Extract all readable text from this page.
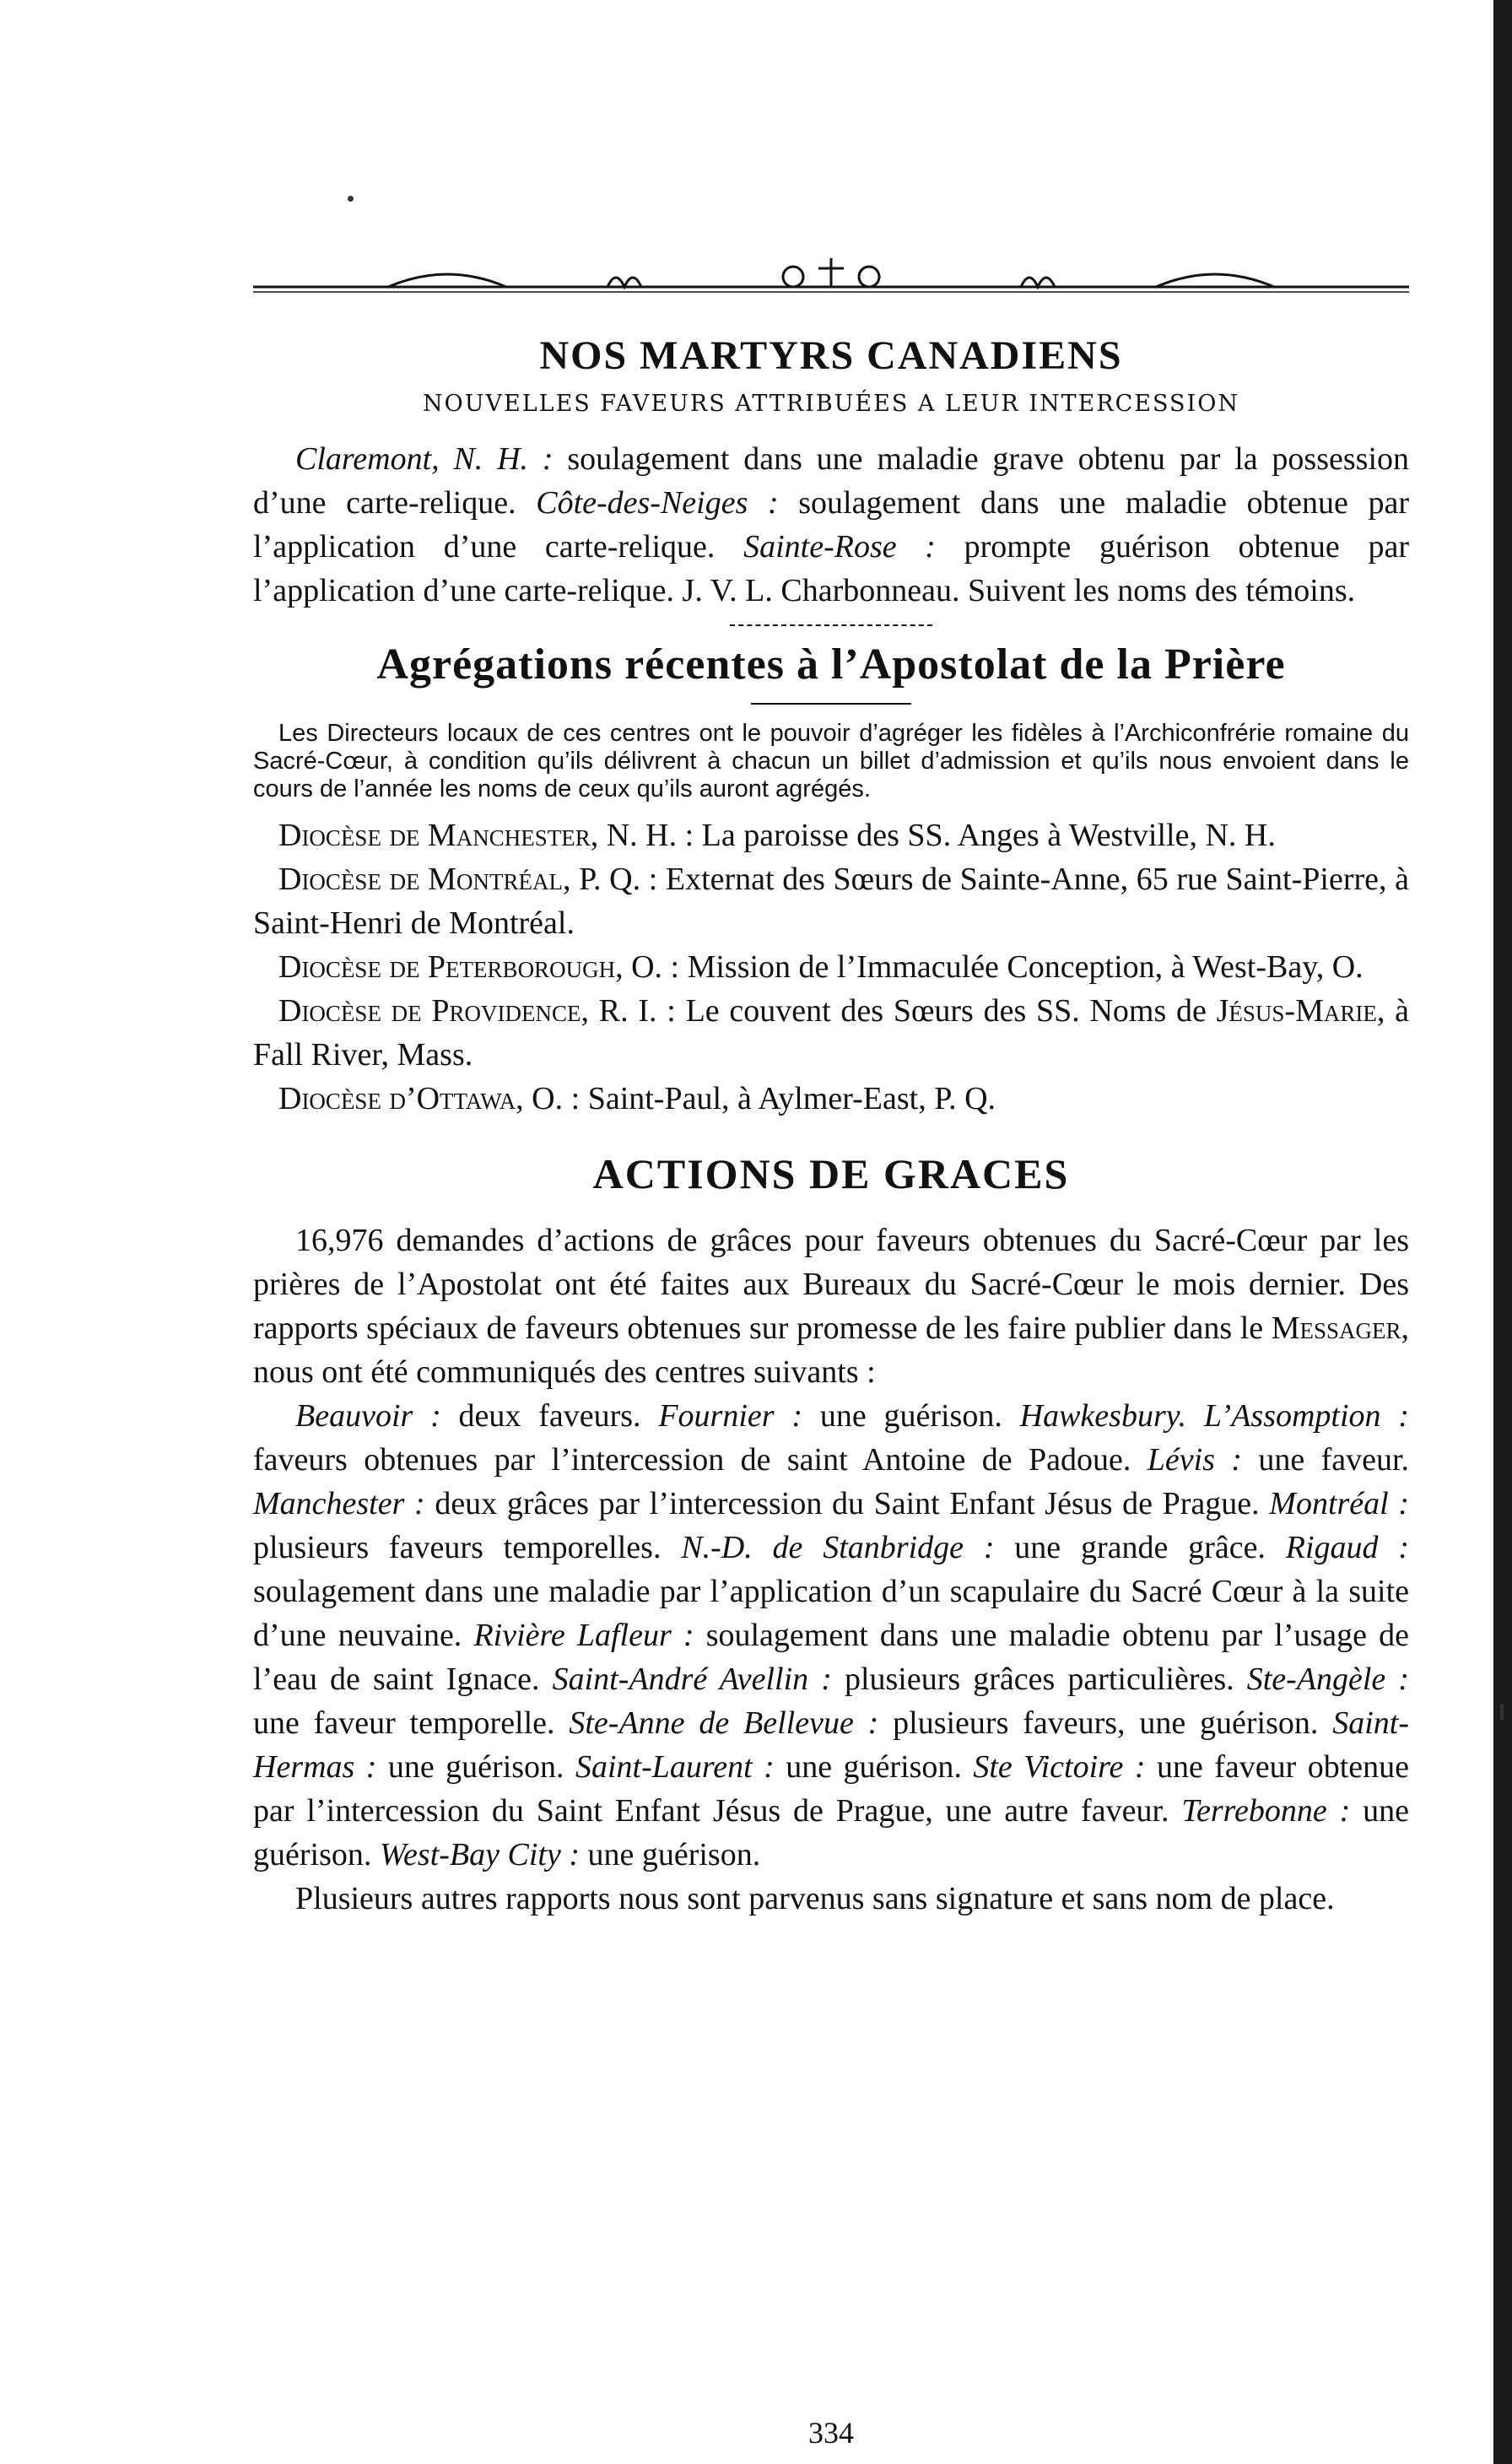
NOS MARTYRS CANADIENS
NOUVELLES FAVEURS ATTRIBUÉES A LEUR INTERCESSION

Claremont, N. H. : soulagement dans une maladie grave obtenu par la possession d’une carte-relique. Côte-des-Neiges : soulagement dans une maladie obtenue par l’application d’une carte-relique. Sainte-Rose : prompte guérison obtenue par l’application d’une carte-relique. J. V. L. Charbonneau. Suivent les noms des témoins.

Agrégations récentes à l’Apostolat de la Prière

Les Directeurs locaux de ces centres ont le pouvoir d’agréger les fidèles à l’Archiconfrérie romaine du Sacré-Cœur, à condition qu’ils délivrent à chacun un billet d’admission et qu’ils nous envoient dans le cours de l’année les noms de ceux qu’ils auront agrégés.

Diocèse de Manchester, N. H. : La paroisse des SS. Anges à Westville, N. H.

Diocèse de Montréal, P. Q. : Externat des Sœurs de Sainte-Anne, 65 rue Saint-Pierre, à Saint-Henri de Montréal.

Diocèse de Peterborough, O. : Mission de l’Immaculée Conception, à West-Bay, O.

Diocèse de Providence, R. I. : Le couvent des Sœurs des SS. Noms de Jésus-Marie, à Fall River, Mass.

Diocèse d’Ottawa, O. : Saint-Paul, à Aylmer-East, P. Q.

ACTIONS DE GRACES

16,976 demandes d’actions de grâces pour faveurs obtenues du Sacré-Cœur par les prières de l’Apostolat ont été faites aux Bureaux du Sacré-Cœur le mois dernier. Des rapports spéciaux de faveurs obtenues sur promesse de les faire publier dans le Messager, nous ont été communiqués des centres suivants :

Beauvoir : deux faveurs. Fournier : une guérison. Hawkesbury. L’Assomption : faveurs obtenues par l’intercession de saint Antoine de Padoue. Lévis : une faveur. Manchester : deux grâces par l’intercession du Saint Enfant Jésus de Prague. Montréal : plusieurs faveurs temporelles. N.-D. de Stanbridge : une grande grâce. Rigaud : soulagement dans une maladie par l’application d’un scapulaire du Sacré Cœur à la suite d’une neuvaine. Rivière Lafleur : soulagement dans une maladie obtenu par l’usage de l’eau de saint Ignace. Saint-André Avellin : plusieurs grâces particulières. Ste-Angèle : une faveur temporelle. Ste-Anne de Bellevue : plusieurs faveurs, une guérison. Saint-Hermas : une guérison. Saint-Laurent : une guérison. Ste Victoire : une faveur obtenue par l’intercession du Saint Enfant Jésus de Prague, une autre faveur. Terrebonne : une guérison. West-Bay City : une guérison.

Plusieurs autres rapports nous sont parvenus sans signature et sans nom de place.

334
